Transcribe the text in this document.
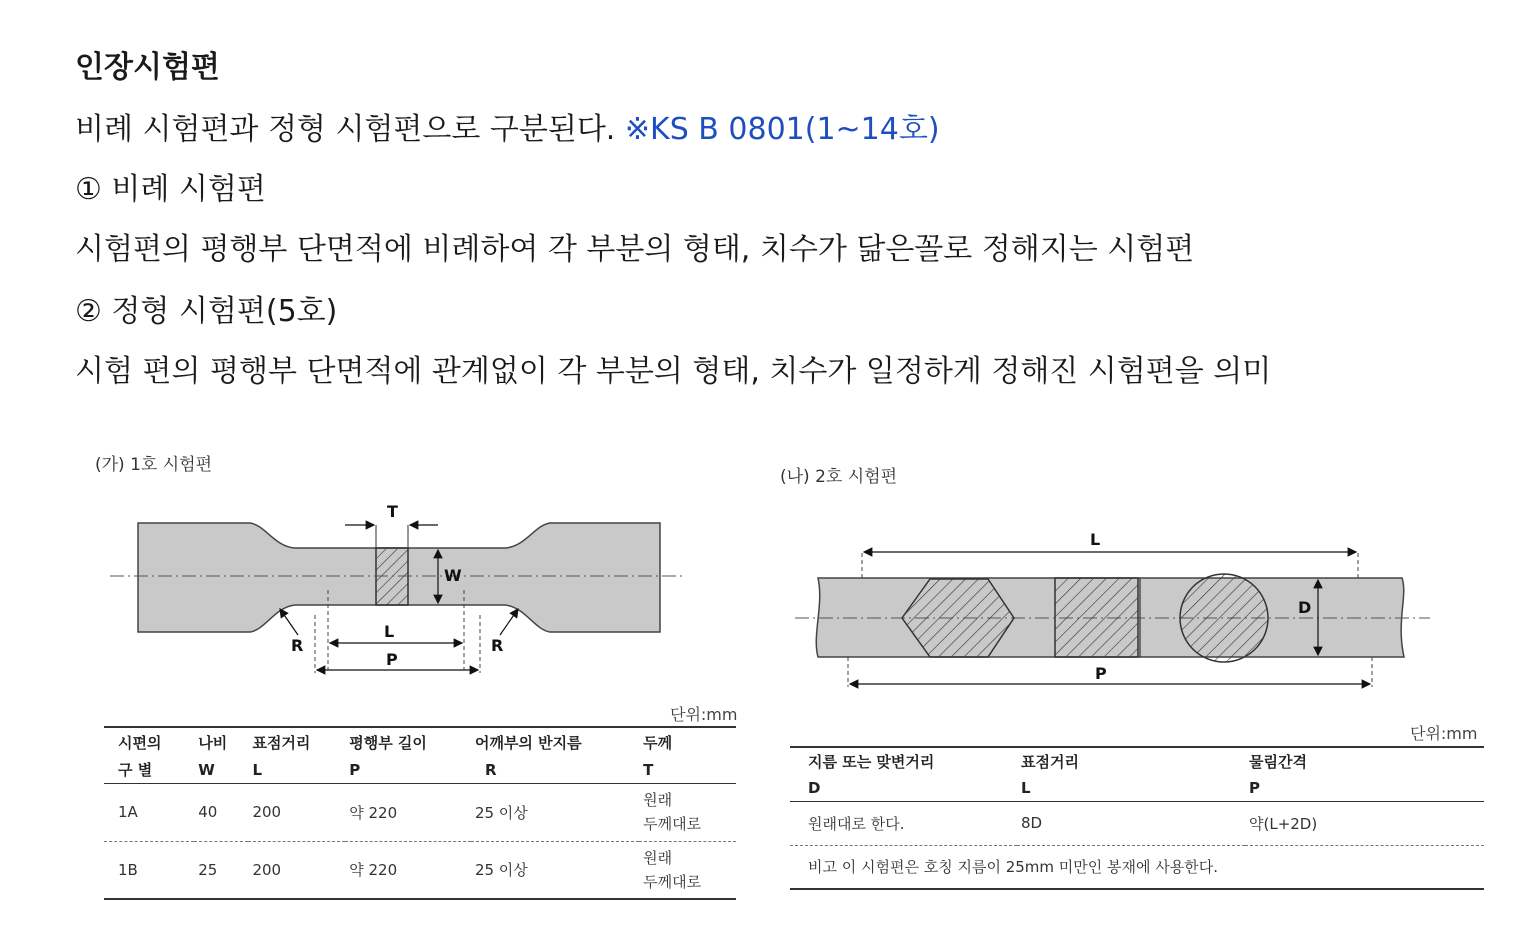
인장시험편
비례 시험편과 정형 시험편으로 구분된다. ※KS B 0801(1~14호)
① 비례 시험편
시험편의 평행부 단면적에 비례하여 각 부분의 형태, 치수가 닮은꼴로 정해지는 시험편
② 정형 시험편(5호)
시험 편의 평행부 단면적에 관계없이 각 부분의 형태, 치수가 일정하게 정해진 시험편을 의미
(가) 1호 시험편
T
W
L
P
R	R
단위:mm
시편의	나비	표점거리	평행부 길이	어깨부의 반지름	두께
구 별	W	L	P	R	T
1A	40	200	약 220	25 이상	원래
두께대로

1B	25	200	약 220	25 이상	원래
두께대로
(나) 2호 시험편
L
D
P
단위:mm
지름 또는 맞변거리	표점거리	물림간격
D	L	P
원래대로 한다.	8D	약(L+2D)
비고 이 시험편은 호칭 지름이 25mm 미만인 봉재에 사용한다.		
